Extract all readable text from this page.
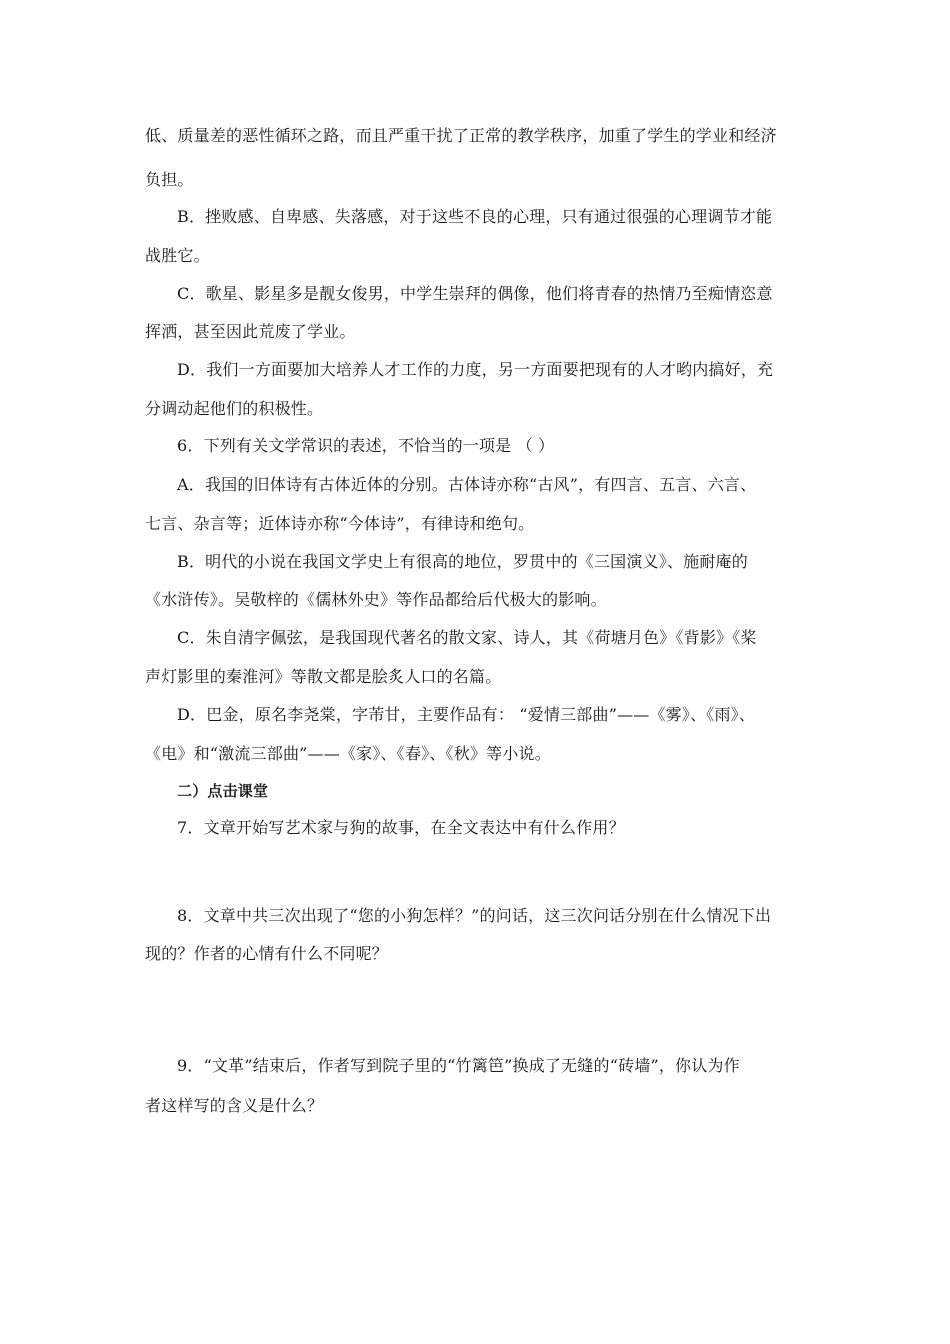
低、质量差的恶性循环之路，而且严重干扰了正常的教学秩序，加重了学生的学业和经济
负担。
B．挫败感、自卑感、失落感，对于这些不良的心理，只有通过很强的心理调节才能
战胜它。
C．歌星、影星多是靓女俊男，中学生崇拜的偶像，他们将青春的热情乃至痴情恣意
挥洒，甚至因此荒废了学业。
D．我们一方面要加大培养人才工作的力度，另一方面要把现有的人才哟内搞好，充
分调动起他们的积极性。
6．下列有关文学常识的表述，不恰当的一项是 （ ）
A．我国的旧体诗有古体近体的分别。古体诗亦称“古风”，有四言、五言、六言、
七言、杂言等；近体诗亦称“今体诗”，有律诗和绝句。
B．明代的小说在我国文学史上有很高的地位，罗贯中的《三国演义》、施耐庵的
《水浒传》。吴敬梓的《儒林外史》等作品都给后代极大的影响。
C．朱自清字佩弦，是我国现代著名的散文家、诗人，其《荷塘月色》《背影》《桨
声灯影里的秦淮河》等散文都是脍炙人口的名篇。
D．巴金，原名李尧棠，字芾甘，主要作品有： “爱情三部曲”——《雾》、《雨》、
《电》和“激流三部曲”——《家》、《春》、《秋》等小说。
二）点击课堂
7．文章开始写艺术家与狗的故事，在全文表达中有什么作用？
8．文章中共三次出现了“您的小狗怎样？”的问话，这三次问话分别在什么情况下出
现的？作者的心情有什么不同呢？
9．“文革”结束后，作者写到院子里的“竹篱笆”换成了无缝的“砖墙”，你认为作
者这样写的含义是什么？
